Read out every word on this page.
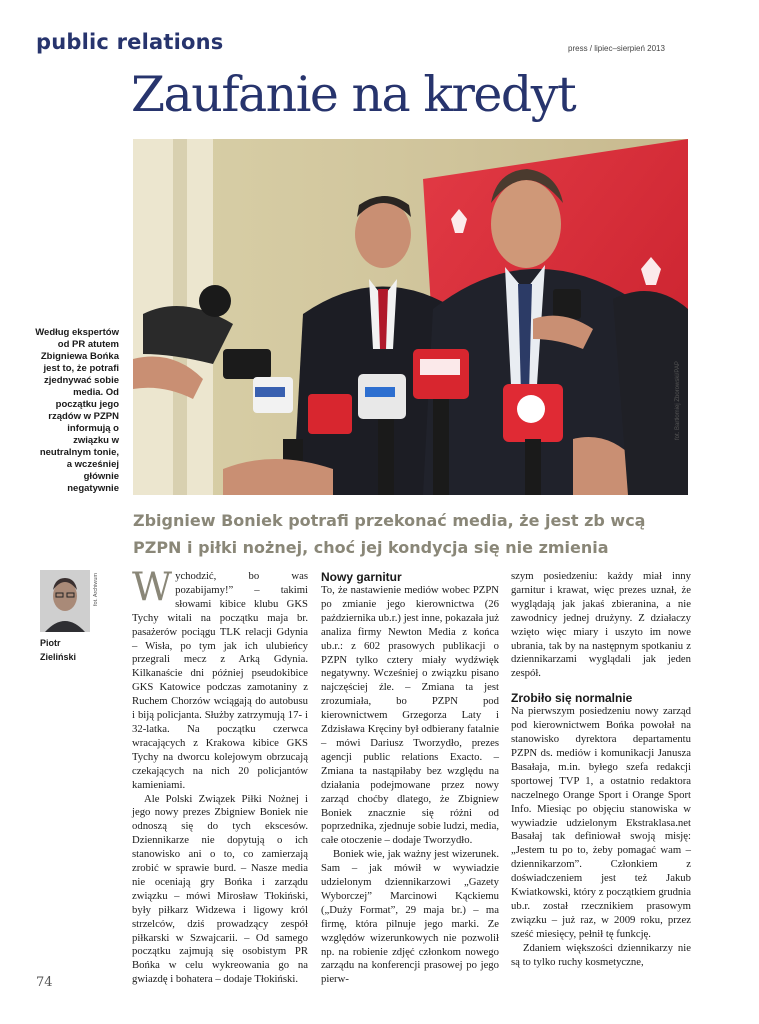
public relations	press / lipiec–sierpień 2013
Zaufanie na kredyt
fot. Bartłomiej Zborowski/PAP
Według ekspertów od PR atutem Zbigniewa Bońka jest to, że potrafi zjednywać sobie media. Od początku jego rządów w PZPN informują o związku w neutralnym tonie, a wcześniej głównie negatywnie
Zbigniew Boniek potrafi przekonać media, że jest zb wcą PZPN i piłki nożnej, choć jej kondycja się nie zmienia
fot. Archiwum
Piotr
Zieliński
W ychodzić, bo was pozabijamy!” – takimi słowami kibice klubu GKS Tychy witali na początku maja br. pasażerów pociągu TLK relacji Gdynia – Wisła, po tym jak ich ulubieńcy przegrali mecz z Arką Gdynia. Kilkanaście dni później pseudokibice GKS Katowice podczas zamotaniny z Ruchem Chorzów wciągają do autobusu i biją policjanta. Służby zatrzymują 17- i 32-latka. Na początku czerwca wracających z Krakowa kibice GKS Tychy na dworcu kolejowym obrzucają czekających na nich 20 policjantów kamieniami.

Ale Polski Związek Piłki Nożnej i jego nowy prezes Zbigniew Boniek nie odnoszą się do tych ekscesów. Dziennikarze nie dopytują o ich stanowisko ani o to, co zamierzają zrobić w sprawie burd. – Nasze media nie oceniają gry Bońka i zarządu związku – mówi Mirosław Tłokiński, były piłkarz Widzewa i ligowy król strzelców, dziś prowadzący zespół piłkarski w Szwajcarii. – Od samego początku zajmują się osobistym PR Bońka w celu wykreowania go na gwiazdę i bohatera – dodaje Tłokiński.

Nowy garnitur

To, że nastawienie mediów wobec PZPN po zmianie jego kierownictwa (26 października ub.r.) jest inne, pokazała już analiza firmy Newton Media z końca ub.r.: z 602 prasowych publikacji o PZPN tylko cztery miały wydźwięk negatywny. Wcześniej o związku pisano najczęściej źle. – Zmiana ta jest zrozumiała, bo PZPN pod kierownictwem Grzegorza Laty i Zdzisława Kręciny był odbierany fatalnie – mówi Dariusz Tworzydło, prezes agencji public relations Exacto. – Zmiana ta nastąpiłaby bez względu na działania podejmowane przez nowy zarząd choćby dlatego, że Zbigniew Boniek znacznie się różni od poprzednika, zjednuje sobie ludzi, media, całe otoczenie – dodaje Tworzydło.

Boniek wie, jak ważny jest wizerunek. Sam – jak mówił w wywiadzie udzielonym dziennikarzowi „Gazety Wyborczej” Marcinowi Kąckiemu („Duży Format”, 29 maja br.) – ma firmę, która pilnuje jego marki. Ze względów wizerunkowych nie pozwolił np. na robienie zdjęć członkom nowego zarządu na konferencji prasowej po jego pierw-

szym posiedzeniu: każdy miał inny garnitur i krawat, więc prezes uznał, że wyglądają jak jakaś zbieranina, a nie zawodnicy jednej drużyny. Z działaczy wzięto więc miary i uszyto im nowe ubrania, tak by na następnym spotkaniu z dziennikarzami wyglądali jak jeden zespół.

Zrobiło się normalnie

Na pierwszym posiedzeniu nowy zarząd pod kierownictwem Bońka powołał na stanowisko dyrektora departamentu PZPN ds. mediów i komunikacji Janusza Basałaja, m.in. byłego szefa redakcji sportowej TVP 1, a ostatnio redaktora naczelnego Orange Sport i Orange Sport Info. Miesiąc po objęciu stanowiska w wywiadzie udzielonym Ekstraklasa.net Basałaj tak definiował swoją misję: „Jestem tu po to, żeby pomagać wam – dziennikarzom”. Członkiem z doświadczeniem jest też Jakub Kwiatkowski, który z początkiem grudnia ub.r. został rzecznikiem prasowym związku – już raz, w 2009 roku, przez sześć miesięcy, pełnił tę funkcję.

Zdaniem większości dziennikarzy nie są to tylko ruchy kosmetyczne,

74
